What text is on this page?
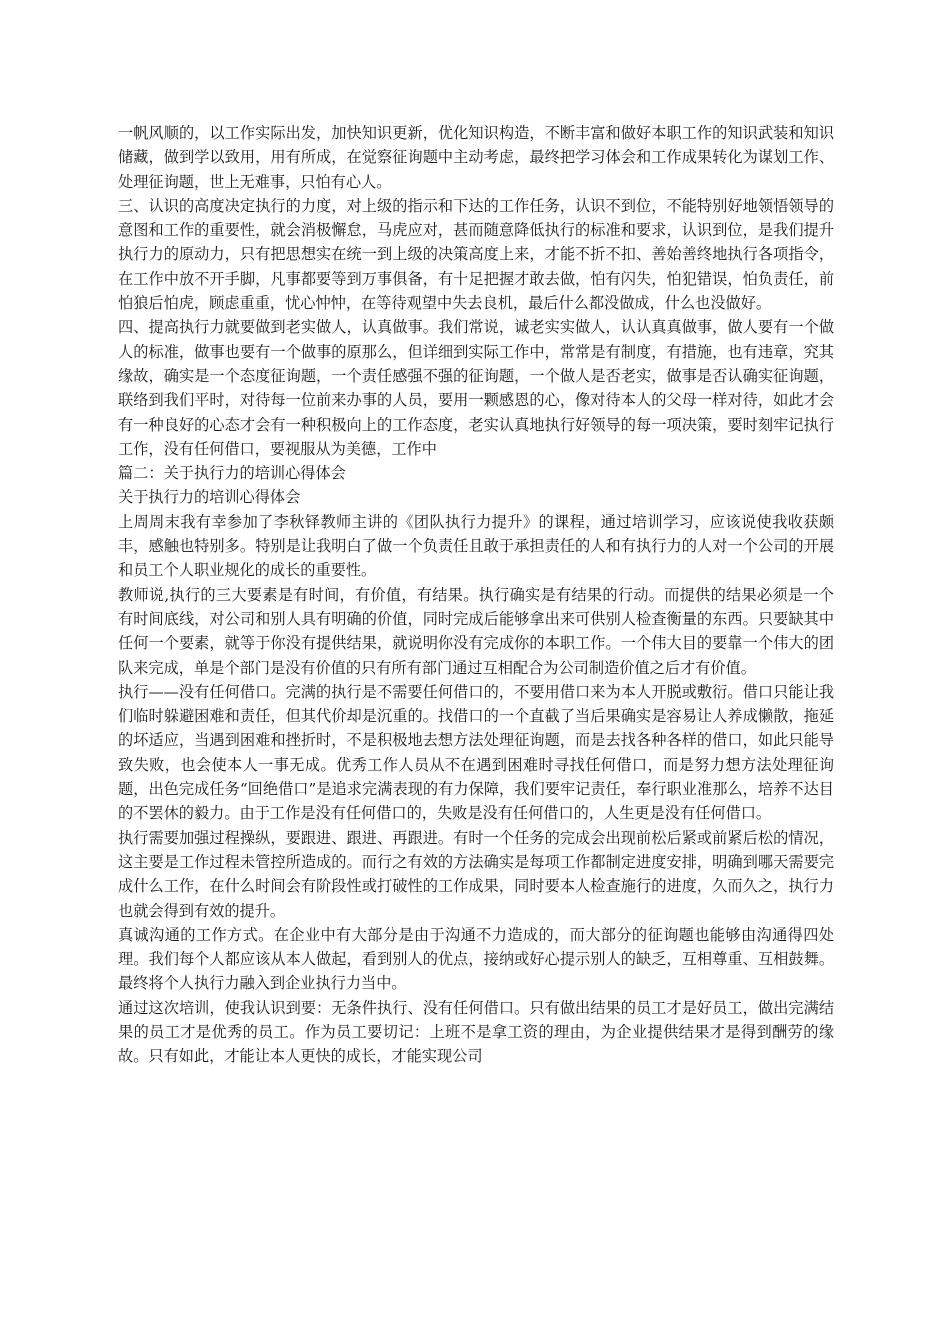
一帆风顺的，以工作实际出发，加快知识更新，优化知识构造，不断丰富和做好本职工作的知识武装和知识储藏，做到学以致用，用有所成，在觉察征询题中主动考虑，最终把学习体会和工作成果转化为谋划工作、处理征询题，世上无难事，只怕有心人。

三、认识的高度决定执行的力度，对上级的指示和下达的工作任务，认识不到位，不能特别好地领悟领导的意图和工作的重要性，就会消极懈怠，马虎应对，甚而随意降低执行的标准和要求，认识到位，是我们提升执行力的原动力，只有把思想实在统一到上级的决策高度上来，才能不折不扣、善始善终地执行各项指令，在工作中放不开手脚，凡事都要等到万事俱备，有十足把握才敢去做，怕有闪失，怕犯错误，怕负责任，前怕狼后怕虎，顾虑重重，忧心忡忡，在等待观望中失去良机，最后什么都没做成，什么也没做好。

四、提高执行力就要做到老实做人，认真做事。我们常说，诚老实实做人，认认真真做事，做人要有一个做人的标准，做事也要有一个做事的原那么，但详细到实际工作中，常常是有制度，有措施，也有违章，究其缘故，确实是一个态度征询题，一个责任感强不强的征询题，一个做人是否老实，做事是否认确实征询题，联络到我们平时，对待每一位前来办事的人员，要用一颗感恩的心，像对待本人的父母一样对待，如此才会有一种良好的心态才会有一种积极向上的工作态度，老实认真地执行好领导的每一项决策，要时刻牢记执行工作，没有任何借口，要视服从为美德，工作中

篇二：关于执行力的培训心得体会

关于执行力的培训心得体会

上周周末我有幸参加了李秋铎教师主讲的《团队执行力提升》的课程，通过培训学习，应该说使我收获颇丰，感触也特别多。特别是让我明白了做一个负责任且敢于承担责任的人和有执行力的人对一个公司的开展和员工个人职业规化的成长的重要性。

教师说,执行的三大要素是有时间，有价值，有结果。执行确实是有结果的行动。而提供的结果必须是一个有时间底线，对公司和别人具有明确的价值，同时完成后能够拿出来可供别人检查衡量的东西。只要缺其中任何一个要素，就等于你没有提供结果，就说明你没有完成你的本职工作。一个伟大目的要靠一个伟大的团队来完成，单是个部门是没有价值的只有所有部门通过互相配合为公司制造价值之后才有价值。

执行——没有任何借口。完满的执行是不需要任何借口的，不要用借口来为本人开脱或敷衍。借口只能让我们临时躲避困难和责任，但其代价却是沉重的。找借口的一个直截了当后果确实是容易让人养成懒散，拖延的坏适应，当遇到困难和挫折时，不是积极地去想方法处理征询题，而是去找各种各样的借口，如此只能导致失败，也会使本人一事无成。优秀工作人员从不在遇到困难时寻找任何借口，而是努力想方法处理征询题，出色完成任务“回绝借口”是追求完满表现的有力保障，我们要牢记责任，奉行职业准那么，培养不达目的不罢休的毅力。由于工作是没有任何借口的，失败是没有任何借口的，人生更是没有任何借口。

执行需要加强过程操纵，要跟进、跟进、再跟进。有时一个任务的完成会出现前松后紧或前紧后松的情况，这主要是工作过程未管控所造成的。而行之有效的方法确实是每项工作都制定进度安排，明确到哪天需要完成什么工作，在什么时间会有阶段性或打破性的工作成果，同时要本人检查施行的进度，久而久之，执行力也就会得到有效的提升。

真诚沟通的工作方式。在企业中有大部分是由于沟通不力造成的，而大部分的征询题也能够由沟通得四处理。我们每个人都应该从本人做起，看到别人的优点，接纳或好心提示别人的缺乏，互相尊重、互相鼓舞。最终将个人执行力融入到企业执行力当中。

通过这次培训，使我认识到要：无条件执行、没有任何借口。只有做出结果的员工才是好员工，做出完满结果的员工才是优秀的员工。作为员工要切记：上班不是拿工资的理由，为企业提供结果才是得到酬劳的缘故。只有如此，才能让本人更快的成长，才能实现公司
